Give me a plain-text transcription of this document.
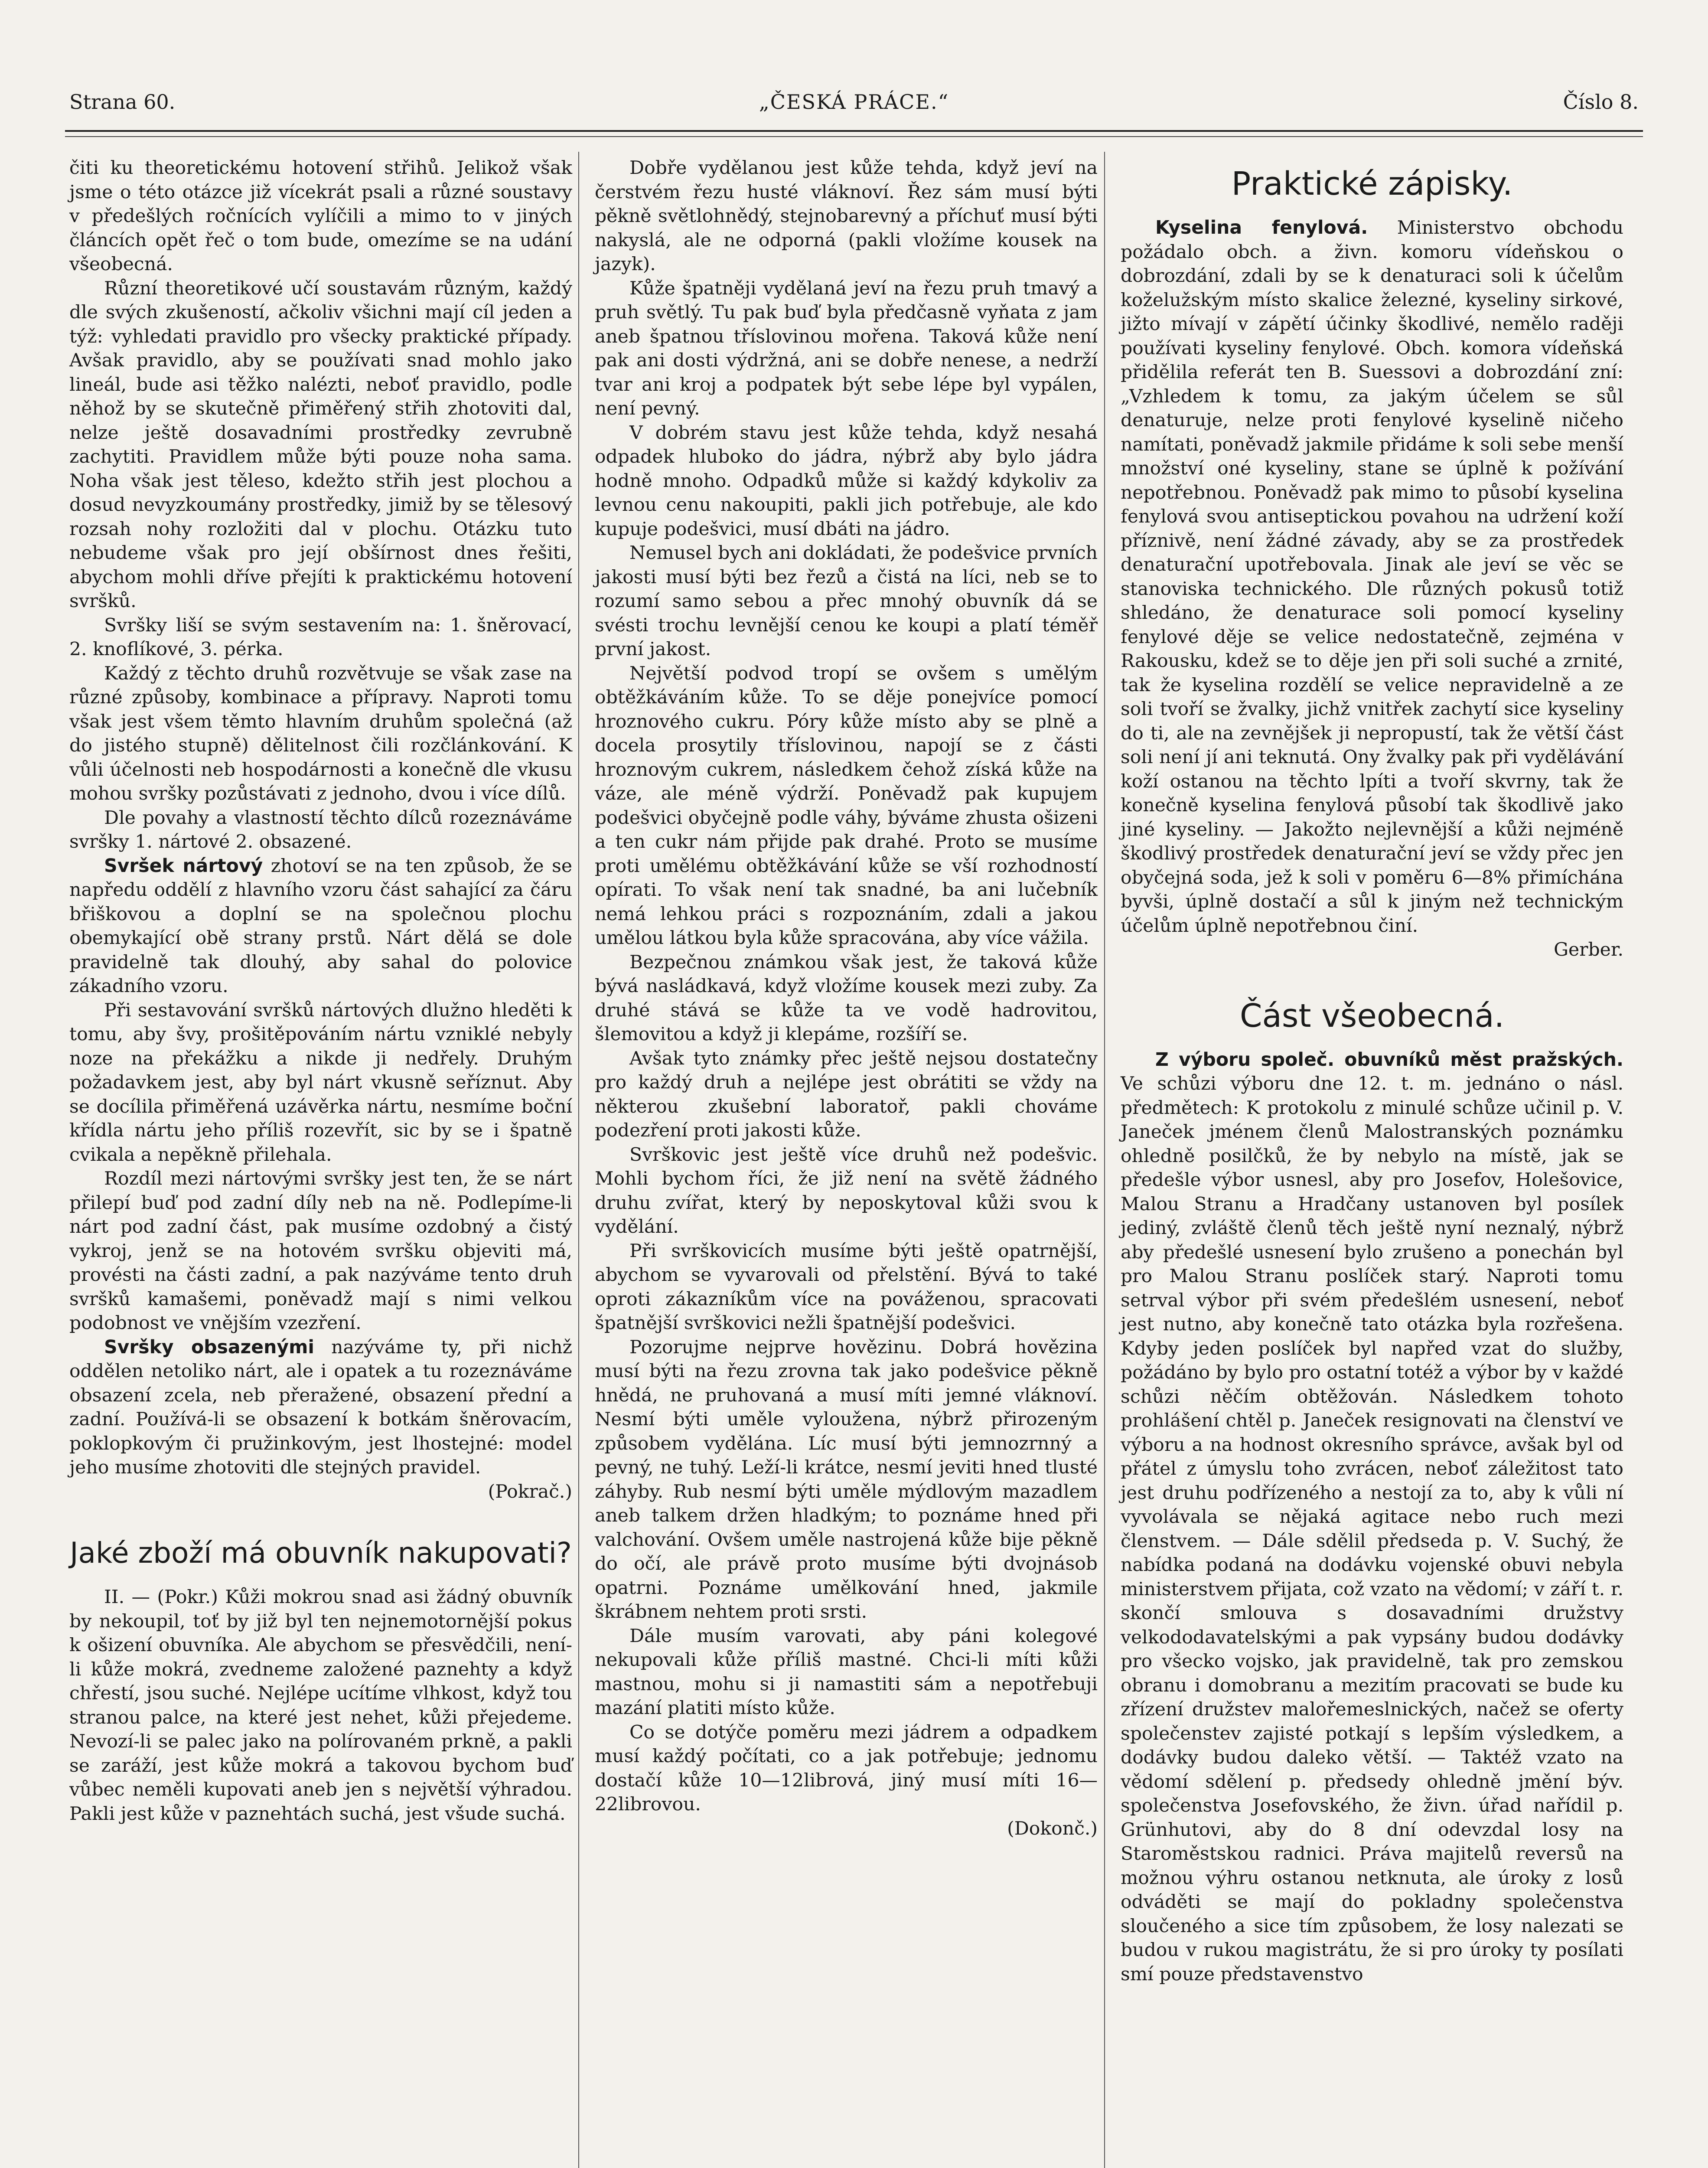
Strana 60.	„ČESKÁ PRÁCE.“	Číslo 8.

čiti ku theoretickému hotovení střihů. Jelikož však jsme o této otázce již vícekrát psali a různé soustavy v předešlých ročnících vylíčili a mimo to v jiných článcích opět řeč o tom bude, omezíme se na udání všeobecná.

Různí theoretikové učí soustavám různým, každý dle svých zkušeností, ačkoliv všichni mají cíl jeden a týž: vyhledati pravidlo pro všecky praktické případy. Avšak pravidlo, aby se používati snad mohlo jako lineál, bude asi těžko nalézti, neboť pravidlo, podle něhož by se skutečně přiměřený střih zhotoviti dal, nelze ještě dosavadními prostředky zevrubně zachytiti. Pravidlem může býti pouze noha sama. Noha však jest těleso, kdežto střih jest plochou a dosud nevyzkoumány prostředky, jimiž by se tělesový rozsah nohy rozložiti dal v plochu. Otázku tuto nebudeme však pro její obšírnost dnes řešiti, abychom mohli dříve přejíti k praktickému hotovení svršků.

Svršky liší se svým sestavením na: 1. šněrovací, 2. knoflíkové, 3. pérka.

Každý z těchto druhů rozvětvuje se však zase na různé způsoby, kombinace a přípravy. Naproti tomu však jest všem těmto hlavním druhům společná (až do jistého stupně) dělitelnost čili rozčlánkování. K vůli účelnosti neb hospodárnosti a konečně dle vkusu mohou svršky pozůstávati z jednoho, dvou i více dílů.

Dle povahy a vlastností těchto dílců rozeznáváme svršky 1. nártové 2. obsazené.

Svršek nártový zhotoví se na ten způsob, že se napředu oddělí z hlavního vzoru část sahající za čáru břiškovou a doplní se na společnou plochu obemykající obě strany prstů. Nárt dělá se dole pravidelně tak dlouhý, aby sahal do polovice zákadního vzoru.

Při sestavování svršků nártových dlužno hleděti k tomu, aby švy, prošitěpováním nártu vzniklé nebyly noze na překážku a nikde ji nedřely. Druhým požadavkem jest, aby byl nárt vkusně seříznut. Aby se docílila přiměřená uzávěrka nártu, nesmíme boční křídla nártu jeho příliš rozevřít, sic by se i špatně cvikala a nepěkně přilehala.

Rozdíl mezi nártovými svršky jest ten, že se nárt přilepí buď pod zadní díly neb na ně. Podlepíme-li nárt pod zadní část, pak musíme ozdobný a čistý vykroj, jenž se na hotovém svršku objeviti má, provésti na části zadní, a pak nazýváme tento druh svršků kamašemi, poněvadž mají s nimi velkou podobnost ve vnějším vzezření.

Svršky obsazenými nazýváme ty, při nichž oddělen netoliko nárt, ale i opatek a tu rozeznáváme obsazení zcela, neb přeražené, obsazení přední a zadní. Používá-li se obsazení k botkám šněrovacím, poklopkovým či pružinkovým, jest lhostejné: model jeho musíme zhotoviti dle stejných pravidel.

(Pokrač.)

Jaké zboží má obuvník nakupovati?

II. — (Pokr.) Kůži mokrou snad asi žádný obuvník by nekoupil, toť by již byl ten nejnemotornější pokus k ošizení obuvníka. Ale abychom se přesvědčili, není-li kůže mokrá, zvedneme založené paznehty a když chřestí, jsou suché. Nejlépe ucítíme vlhkost, když tou stranou palce, na které jest nehet, kůži přejedeme. Nevozí-li se palec jako na polírovaném prkně, a pakli se zaráží, jest kůže mokrá a takovou bychom buď vůbec neměli kupovati aneb jen s největší výhradou. Pakli jest kůže v paznehtách suchá, jest všude suchá.

Dobře vydělanou jest kůže tehda, když jeví na čerstvém řezu husté vláknoví. Řez sám musí býti pěkně světlohnědý, stejnobarevný a příchuť musí býti nakyslá, ale ne odporná (pakli vložíme kousek na jazyk).

Kůže špatněji vydělaná jeví na řezu pruh tmavý a pruh světlý. Tu pak buď byla předčasně vyňata z jam aneb špatnou tříslovinou mořena. Taková kůže není pak ani dosti výdržná, ani se dobře nenese, a nedrží tvar ani kroj a podpatek být sebe lépe byl vypálen, není pevný.

V dobrém stavu jest kůže tehda, když nesahá odpadek hluboko do jádra, nýbrž aby bylo jádra hodně mnoho. Odpadků může si každý kdykoliv za levnou cenu nakoupiti, pakli jich potřebuje, ale kdo kupuje podešvici, musí dbáti na jádro.

Nemusel bych ani dokládati, že podešvice prvních jakosti musí býti bez řezů a čistá na líci, neb se to rozumí samo sebou a přec mnohý obuvník dá se svésti trochu levnější cenou ke koupi a platí téměř první jakost.

Největší podvod tropí se ovšem s umělým obtěžkáváním kůže. To se děje ponejvíce pomocí hroznového cukru. Póry kůže místo aby se plně a docela prosytily tříslovinou, napojí se z části hroznovým cukrem, následkem čehož získá kůže na váze, ale méně výdrží. Poněvadž pak kupujem podešvici obyčejně podle váhy, býváme zhusta ošizeni a ten cukr nám přijde pak drahé. Proto se musíme proti umělému obtěžkávání kůže se vší rozhodností opírati. To však není tak snadné, ba ani lučebník nemá lehkou práci s rozpoznáním, zdali a jakou umělou látkou byla kůže spracována, aby více vážila.

Bezpečnou známkou však jest, že taková kůže bývá nasládkavá, když vložíme kousek mezi zuby. Za druhé stává se kůže ta ve vodě hadrovitou, šlemovitou a když ji klepáme, rozšíří se.

Avšak tyto známky přec ještě nejsou dostatečny pro každý druh a nejlépe jest obrátiti se vždy na některou zkušební laboratoř, pakli chováme podezření proti jakosti kůže.

Svrškovic jest ještě více druhů než podešvic. Mohli bychom říci, že již není na světě žádného druhu zvířat, který by neposkytoval kůži svou k vydělání.

Při svrškovicích musíme býti ještě opatrnější, abychom se vyvarovali od přelstění. Bývá to také oproti zákazníkům více na pováženou, spracovati špatnější svrškovici nežli špatnější podešvici.

Pozorujme nejprve hovězinu. Dobrá hovězina musí býti na řezu zrovna tak jako podešvice pěkně hnědá, ne pruhovaná a musí míti jemné vláknoví. Nesmí býti uměle vyloužena, nýbrž přirozeným způsobem vydělána. Líc musí býti jemnozrnný a pevný, ne tuhý. Leží-li krátce, nesmí jeviti hned tlusté záhyby. Rub nesmí býti uměle mýdlovým mazadlem aneb talkem držen hladkým; to poznáme hned při valchování. Ovšem uměle nastrojená kůže bije pěkně do očí, ale právě proto musíme býti dvojnásob opatrni. Poznáme umělkování hned, jakmile škrábnem nehtem proti srsti.

Dále musím varovati, aby páni kolegové nekupovali kůže příliš mastné. Chci-li míti kůži mastnou, mohu si ji namastiti sám a nepotřebuji mazání platiti místo kůže.

Co se dotýče poměru mezi jádrem a odpadkem musí každý počítati, co a jak potřebuje; jednomu dostačí kůže 10—12librová, jiný musí míti 16—22librovou.

(Dokonč.)

Praktické zápisky.

Kyselina fenylová. Ministerstvo obchodu požádalo obch. a živn. komoru vídeňskou o dobrozdání, zdali by se k denaturaci soli k účelům koželužským místo skalice železné, kyseliny sirkové, jižto mívají v zápětí účinky škodlivé, nemělo raději používati kyseliny fenylové. Obch. komora vídeňská přidělila referát ten B. Suessovi a dobrozdání zní: „Vzhledem k tomu, za jakým účelem se sůl denaturuje, nelze proti fenylové kyselině ničeho namítati, poněvadž jakmile přidáme k soli sebe menší množství oné kyseliny, stane se úplně k požívání nepotřebnou. Poněvadž pak mimo to působí kyselina fenylová svou antiseptickou povahou na udržení koží příznivě, není žádné závady, aby se za prostředek denaturační upotřebovala. Jinak ale jeví se věc se stanoviska technického. Dle různých pokusů totiž shledáno, že denaturace soli pomocí kyseliny fenylové děje se velice nedostatečně, zejména v Rakousku, kdež se to děje jen při soli suché a zrnité, tak že kyselina rozdělí se velice nepravidelně a ze soli tvoří se žvalky, jichž vnitřek zachytí sice kyseliny do ti, ale na zevnějšek ji nepropustí, tak že větší část soli není jí ani teknutá. Ony žvalky pak při vydělávání koží ostanou na těchto lpíti a tvoří skvrny, tak že konečně kyselina fenylová působí tak škodlivě jako jiné kyseliny. — Jakožto nejlevnější a kůži nejméně škodlivý prostředek denaturační jeví se vždy přec jen obyčejná soda, jež k soli v poměru 6—8% přimíchána byvši, úplně dostačí a sůl k jiným než technickým účelům úplně nepotřebnou činí.

Gerber.

Část všeobecná.

Z výboru společ. obuvníků měst pražských. Ve schůzi výboru dne 12. t. m. jednáno o násl. předmětech: K protokolu z minulé schůze učinil p. V. Janeček jménem členů Malostranských poznámku ohledně posilčků, že by nebylo na místě, jak se předešle výbor usnesl, aby pro Josefov, Holešovice, Malou Stranu a Hradčany ustanoven byl posílek jediný, zvláště členů těch ještě nyní neznalý, nýbrž aby předešlé usnesení bylo zrušeno a ponechán byl pro Malou Stranu poslíček starý. Naproti tomu setrval výbor při svém předešlém usnesení, neboť jest nutno, aby konečně tato otázka byla rozřešena. Kdyby jeden poslíček byl napřed vzat do služby, požádáno by bylo pro ostatní totéž a výbor by v každé schůzi něčím obtěžován. Následkem tohoto prohlášení chtěl p. Janeček resignovati na členství ve výboru a na hodnost okresního správce, avšak byl od přátel z úmyslu toho zvrácen, neboť záležitost tato jest druhu podřízeného a nestojí za to, aby k vůli ní vyvolávala se nějaká agitace nebo ruch mezi členstvem. — Dále sdělil předseda p. V. Suchý, že nabídka podaná na dodávku vojenské obuvi nebyla ministerstvem přijata, což vzato na vědomí; v září t. r. skončí smlouva s dosavadními družstvy velkododavatelskými a pak vypsány budou dodávky pro všecko vojsko, jak pravidelně, tak pro zemskou obranu i domobranu a mezitím pracovati se bude ku zřízení družstev malořemeslnických, načež se oferty společenstev zajisté potkají s lepším výsledkem, a dodávky budou daleko větší. — Taktéž vzato na vědomí sdělení p. předsedy ohledně jmění býv. společenstva Josefovského, že živn. úřad nařídil p. Grünhutovi, aby do 8 dní odevzdal losy na Staroměstskou radnici. Práva majitelů reversů na možnou výhru ostanou netknuta, ale úroky z losů odváděti se mají do pokladny společenstva sloučeného a sice tím způsobem, že losy nalezati se budou v rukou magistrátu, že si pro úroky ty posílati smí pouze představenstvo
